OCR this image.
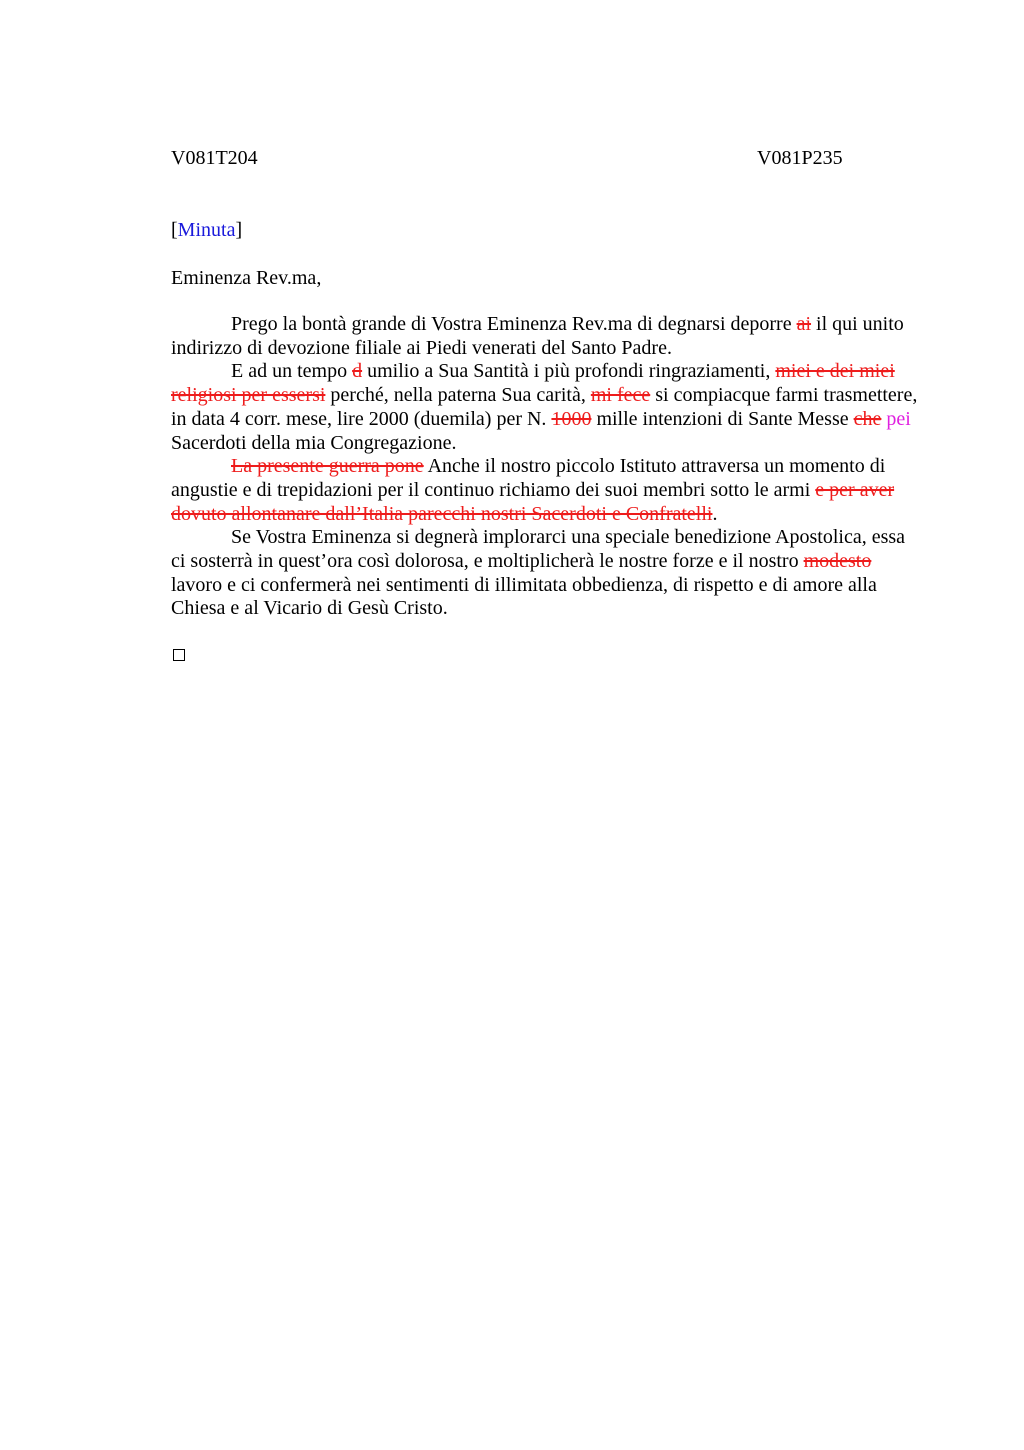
V081T204	V081P235
[Minuta]
Eminenza Rev.ma,

Prego la bontà grande di Vostra Eminenza Rev.ma di degnarsi deporre ai il qui unito indirizzo di devozione filiale ai Piedi venerati del Santo Padre.

E ad un tempo d umilio a Sua Santità i più profondi ringraziamenti, miei e dei miei religiosi per essersi perché, nella paterna Sua carità, mi fece si compiacque farmi trasmettere, in data 4 corr. mese, lire 2000 (duemila) per N. 1000 mille intenzioni di Sante Messe che pei Sacerdoti della mia Congregazione.

La presente guerra pone Anche il nostro piccolo Istituto attraversa un momento di angustie e di trepidazioni per il continuo richiamo dei suoi membri sotto le armi e per aver dovuto allontanare dall’Italia parecchi nostri Sacerdoti e Confratelli.

Se Vostra Eminenza si degnerà implorarci una speciale benedizione Apostolica, essa ci sosterrà in quest’ora così dolorosa, e moltiplicherà le nostre forze e il nostro modesto lavoro e ci confermerà nei sentimenti di illimitata obbedienza, di rispetto e di amore alla Chiesa e al Vicario di Gesù Cristo.
